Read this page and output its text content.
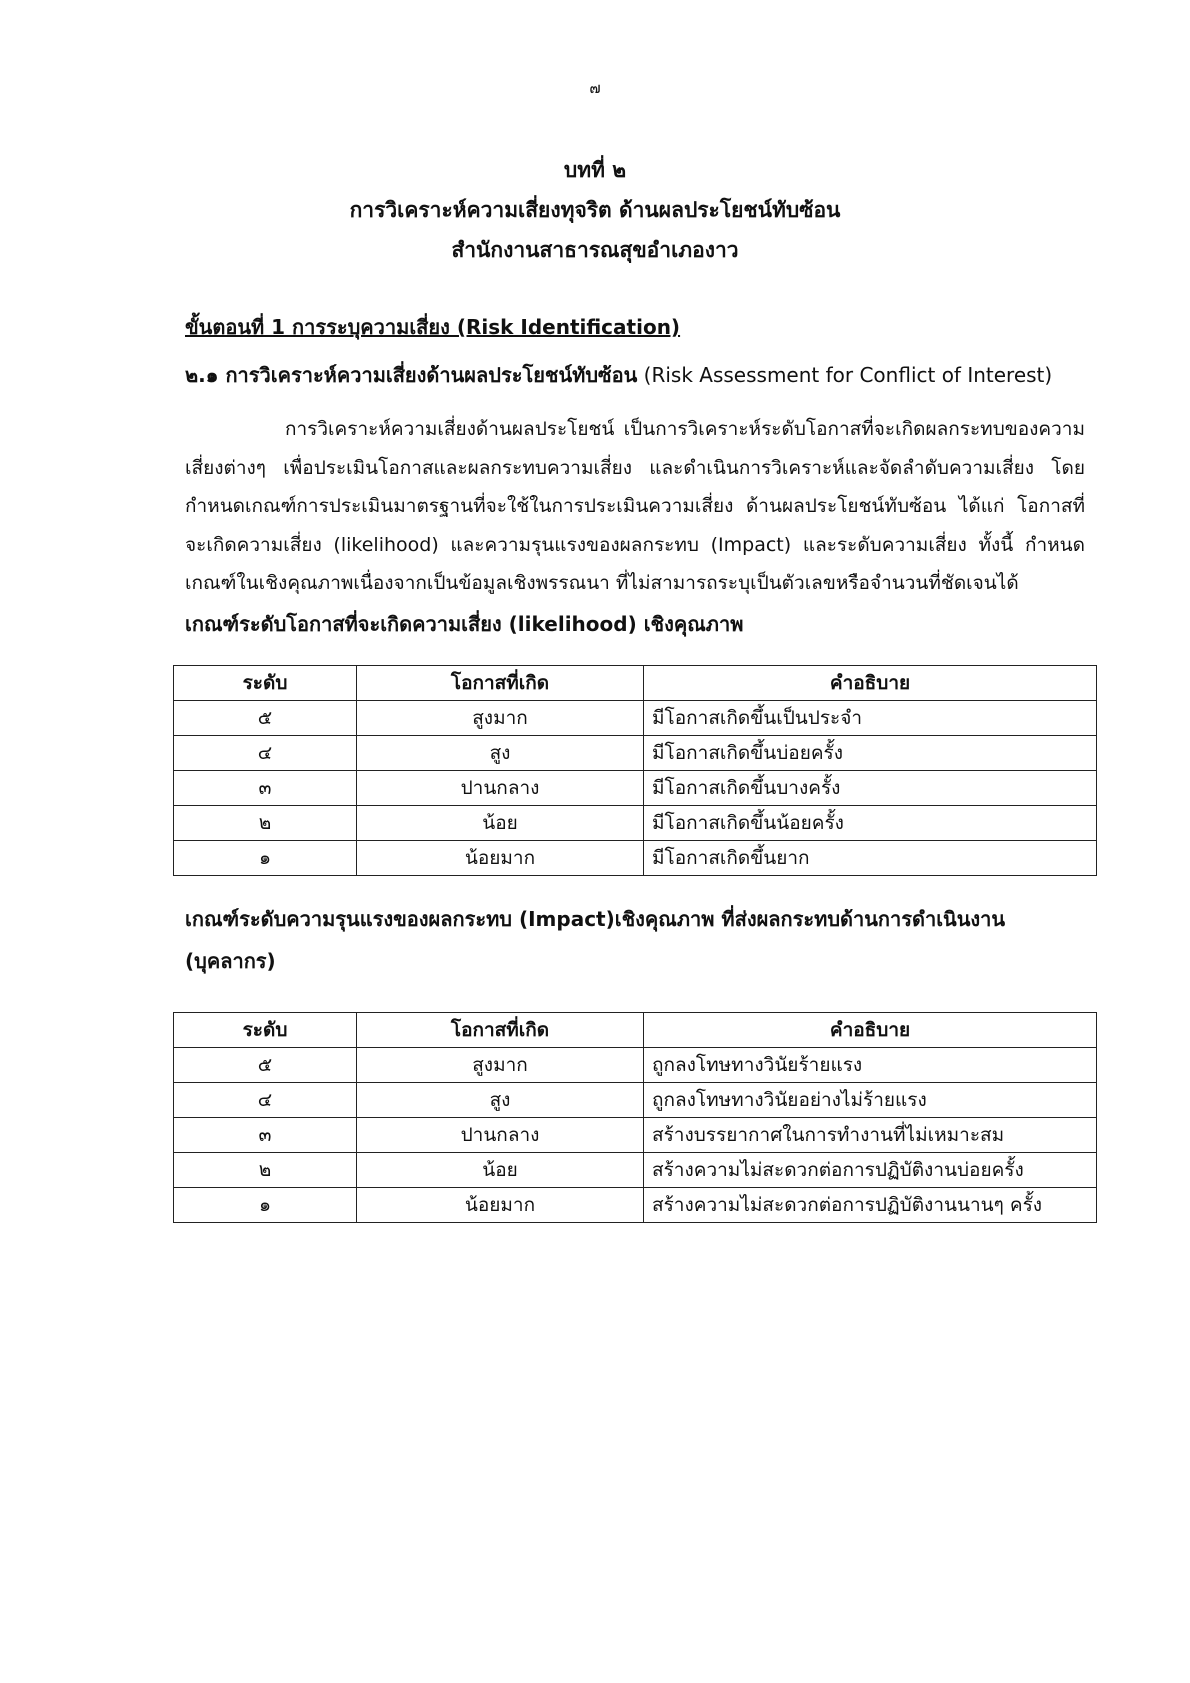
๗
บทที่ ๒
การวิเคราะห์ความเสี่ยงทุจริต ด้านผลประโยชน์ทับซ้อน
สำนักงานสาธารณสุขอำเภองาว
ขั้นตอนที่ 1 การระบุความเสี่ยง (Risk Identification)
๒.๑ การวิเคราะห์ความเสี่ยงด้านผลประโยชน์ทับซ้อน (Risk Assessment for Conflict of Interest)
การวิเคราะห์ความเสี่ยงด้านผลประโยชน์ เป็นการวิเคราะห์ระดับโอกาสที่จะเกิดผลกระทบของความเสี่ยงต่างๆ เพื่อประเมินโอกาสและผลกระทบความเสี่ยง และดำเนินการวิเคราะห์และจัดลำดับความเสี่ยง โดยกำหนดเกณฑ์การประเมินมาตรฐานที่จะใช้ในการประเมินความเสี่ยง ด้านผลประโยชน์ทับซ้อน ได้แก่ โอกาสที่จะเกิดความเสี่ยง (likelihood) และความรุนแรงของผลกระทบ (Impact) และระดับความเสี่ยง ทั้งนี้ กำหนดเกณฑ์ในเชิงคุณภาพเนื่องจากเป็นข้อมูลเชิงพรรณนา ที่ไม่สามารถระบุเป็นตัวเลขหรือจำนวนที่ชัดเจนได้
เกณฑ์ระดับโอกาสที่จะเกิดความเสี่ยง (likelihood) เชิงคุณภาพ
ระดับ	โอกาสที่เกิด	คำอธิบาย
๕	สูงมาก	มีโอกาสเกิดขึ้นเป็นประจำ
๔	สูง	มีโอกาสเกิดขึ้นบ่อยครั้ง
๓	ปานกลาง	มีโอกาสเกิดขึ้นบางครั้ง
๒	น้อย	มีโอกาสเกิดขึ้นน้อยครั้ง
๑	น้อยมาก	มีโอกาสเกิดขึ้นยาก
เกณฑ์ระดับความรุนแรงของผลกระทบ (Impact)เชิงคุณภาพ ที่ส่งผลกระทบด้านการดำเนินงาน (บุคลากร)
ระดับ	โอกาสที่เกิด	คำอธิบาย
๕	สูงมาก	ถูกลงโทษทางวินัยร้ายแรง
๔	สูง	ถูกลงโทษทางวินัยอย่างไม่ร้ายแรง
๓	ปานกลาง	สร้างบรรยากาศในการทำงานที่ไม่เหมาะสม
๒	น้อย	สร้างความไม่สะดวกต่อการปฏิบัติงานบ่อยครั้ง
๑	น้อยมาก	สร้างความไม่สะดวกต่อการปฏิบัติงานนานๆ ครั้ง
